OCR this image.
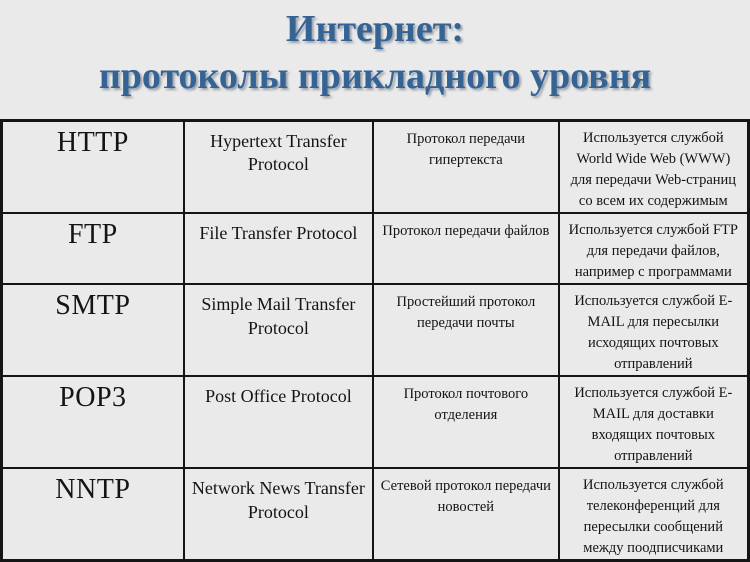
Интернет:
протоколы прикладного уровня
HTTP	Hypertext Transfer Protocol	Протокол передачи гипертекста	Используется службой World Wide Web (WWW) для передачи Web-страниц со всем их содержимым
FTP	File Transfer Protocol	Протокол передачи файлов	Используется службой FTP для передачи файлов, например с программами
SMTP	Simple Mail Transfer Protocol	Простейший протокол передачи почты	Используется службой E-MAIL для пересылки исходящих почтовых отправлений
POP3	Post Office Protocol	Протокол почтового отделения	Используется службой E-MAIL для доставки входящих почтовых отправлений
NNTP	Network News Transfer Protocol	Сетевой протокол передачи новостей	Используется службой телеконференций для пересылки сообщений между поодписчиками
